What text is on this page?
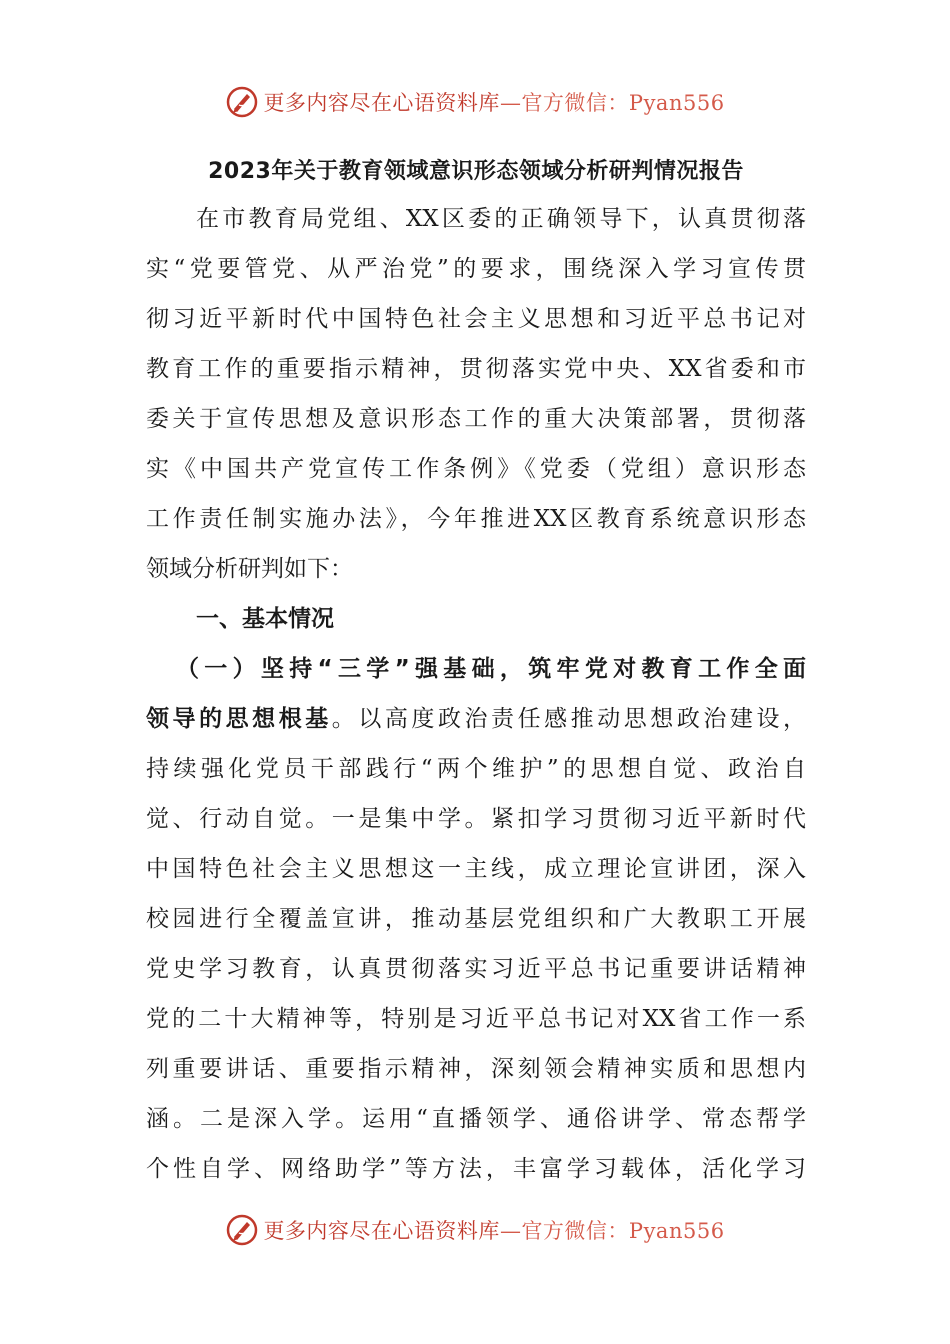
更多内容尽在心语资料库—官方微信：Pyan556
2023年关于教育领域意识形态领域分析研判情况报告
在市教育局党组、XX区委的正确领导下，认真贯彻落
实“党要管党、从严治党”的要求，围绕深入学习宣传贯
彻习近平新时代中国特色社会主义思想和习近平总书记对
教育工作的重要指示精神，贯彻落实党中央、XX省委和市
委关于宣传思想及意识形态工作的重大决策部署，贯彻落
实《中国共产党宣传工作条例》《党委（党组）意识形态
工作责任制实施办法》，今年推进XX区教育系统意识形态
领域分析研判如下：
一、基本情况
（一）坚持“三学”强基础，筑牢党对教育工作全面
领导的思想根基。以高度政治责任感推动思想政治建设，
持续强化党员干部践行“两个维护”的思想自觉、政治自
觉、行动自觉。一是集中学。紧扣学习贯彻习近平新时代
中国特色社会主义思想这一主线，成立理论宣讲团，深入
校园进行全覆盖宣讲，推动基层党组织和广大教职工开展
党史学习教育，认真贯彻落实习近平总书记重要讲话精神
党的二十大精神等，特别是习近平总书记对XX省工作一系
列重要讲话、重要指示精神，深刻领会精神实质和思想内
涵。二是深入学。运用“直播领学、通俗讲学、常态帮学
个性自学、网络助学”等方法，丰富学习载体，活化学习
更多内容尽在心语资料库—官方微信：Pyan556
